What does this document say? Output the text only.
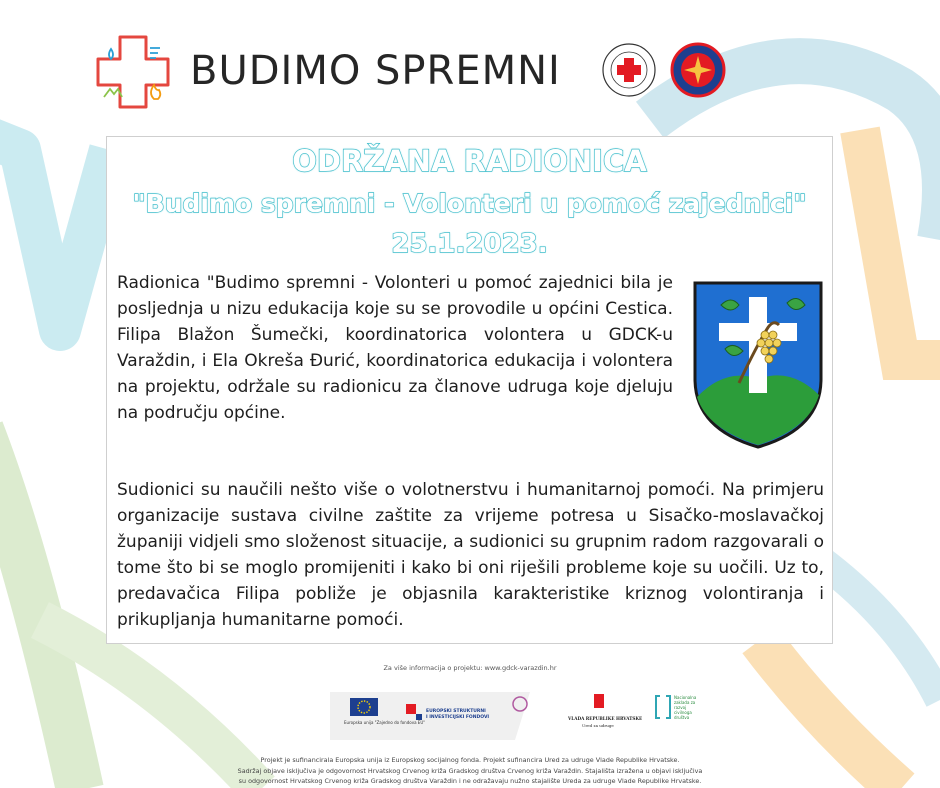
BUDIMO SPREMNI
ODRŽANA RADIONICA
"Budimo spremni - Volonteri u pomoć zajednici"
25.1.2023.

Radionica "Budimo spremni - Volonteri u pomoć zajednici bila je posljednja u nizu edukacija koje su se provodile u općini Cestica. Filipa Blažon Šumečki, koordinatorica volontera u GDCK-u Varaždin, i Ela Okreša Đurić, koordinatorica edukacija i volontera na projektu, održale su radionicu za članove udruga koje djeluju na području općine.

Sudionici su naučili nešto više o volotnerstvu i humanitarnoj pomoći. Na primjeru organizacije sustava civilne zaštite za vrijeme potresa u Sisačko-moslavačkoj županiji vidjeli smo složenost situacije, a sudionici su grupnim radom razgovarali o tome što bi se moglo promijeniti i kako bi oni riješili probleme koje su uočili. Uz to, predavačica Filipa pobliže je objasnila karakteristike kriznog volontiranja i prikupljanja humanitarne pomoći.

Za više informacija o projektu: www.gdck-varazdin.hr
Europska unija "Zajedno do fondova EU"
EUROPSKI STRUKTURNI
I INVESTICIJSKI FONDOVI	VLADA REPUBLIKE HRVATSKE
Ured za udruge
Nacionalna
zaklada za
razvoj
civilnoga
društva
Projekt je sufinancirala Europska unija iz Europskog socijalnog fonda. Projekt sufinancira Ured za udruge Vlade Republike Hrvatske.
Sadržaj objave isključiva je odgovornost Hrvatskog Crvenog križa Gradskog društva Crvenog križa Varaždin. Stajališta izražena u objavi isključiva
su odgovornost Hrvatskog Crvenog križa Gradskog društva Varaždin i ne odražavaju nužno stajalište Ureda za udruge Vlade Republike Hrvatske.
